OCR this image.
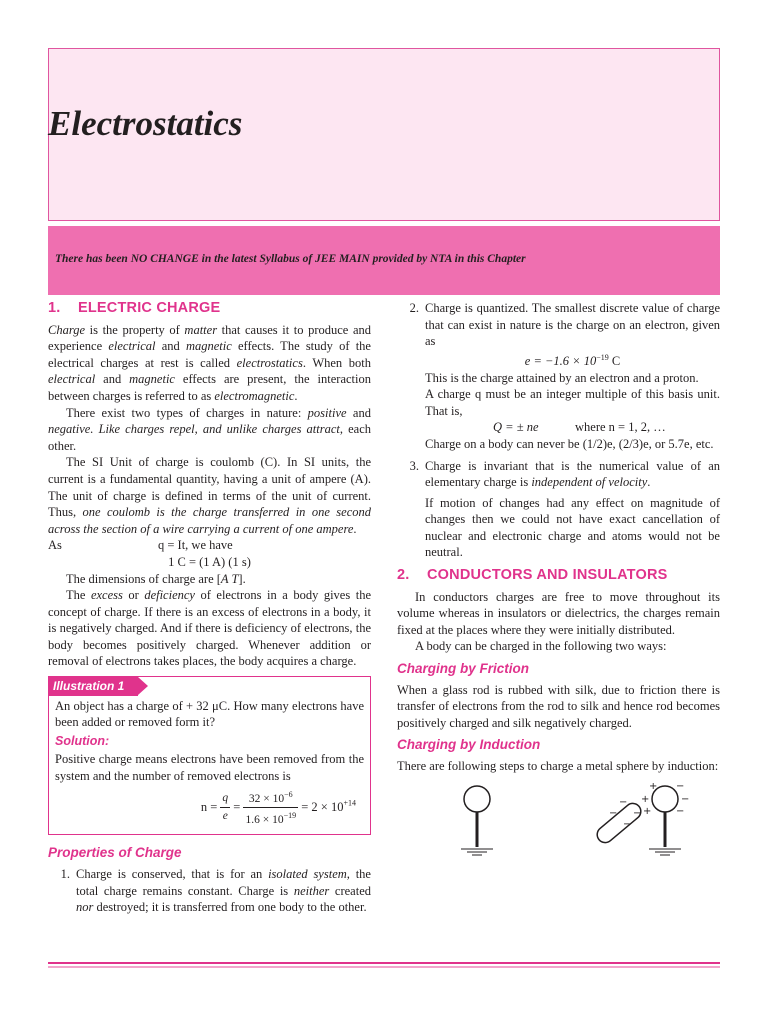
Electrostatics
There has been NO CHANGE in the latest Syllabus of JEE MAIN provided by NTA in this Chapter
1. ELECTRIC CHARGE

Charge is the property of matter that causes it to produce and experience electrical and magnetic effects. The study of the electrical charges at rest is called electrostatics. When both electrical and magnetic effects are present, the interaction between charges is referred to as electromagnetic.

There exist two types of charges in nature: positive and negative. Like charges repel, and unlike charges attract, each other.

The SI Unit of charge is coulomb (C). In SI units, the current is a fundamental quantity, having a unit of ampere (A). The unit of charge is defined in terms of the unit of current. Thus, one coulomb is the charge transferred in one second across the section of a wire carrying a current of one ampere.

As	q = It, we have

1 C = (1 A) (1 s)

The dimensions of charge are [A T].

The excess or deficiency of electrons in a body gives the concept of charge. If there is an excess of electrons in a body, it is negatively charged. And if there is deficiency of electrons, the body becomes positively charged. Whenever addition or removal of electrons takes places, the body acquires a charge.

Illustration 1

An object has a charge of + 32 μC. How many electrons have been added or removed form it?

Solution:

Positive charge means electrons have been removed from the system and the number of removed electrons is

$n = \frac{q}{e} = \frac{32 \times 10^{-6}}{1.6 \times 10^{-19}} = 2 \times 10^{+14}$
Properties of Charge
1. Charge is conserved, that is for an isolated system, the total charge remains constant. Charge is neither created nor destroyed; it is transferred from one body to the other.
2. Charge is quantized. The smallest discrete value of charge that can exist in nature is the charge on an electron, given as
$e = -1.6 \times 10^{-19}$ C
This is the charge attained by an electron and a proton.
A charge q must be an integer multiple of this basis unit. That is,
Q = ± ne	where n = 1, 2, …
Charge on a body can never be (1/2)e, (2/3)e, or 5.7e, etc.
3. Charge is invariant that is the numerical value of an elementary charge is independent of velocity.
If motion of changes had any effect on magnitude of changes then we could not have exact cancellation of nuclear and electronic charge and atoms would not be neutral.
2. CONDUCTORS AND INSULATORS

In conductors charges are free to move throughout its volume whereas in insulators or dielectrics, the charges remain fixed at the places where they were initially distributed.

A body can be charged in the following two ways:

Charging by Friction

When a glass rod is rubbed with silk, due to friction there is transfer of electrons from the rod to silk and hence rod becomes positively charged and silk negatively charged.

Charging by Induction

There are following steps to charge a metal sphere by induction:

+
+
+
−
−
−
−
− −
−
